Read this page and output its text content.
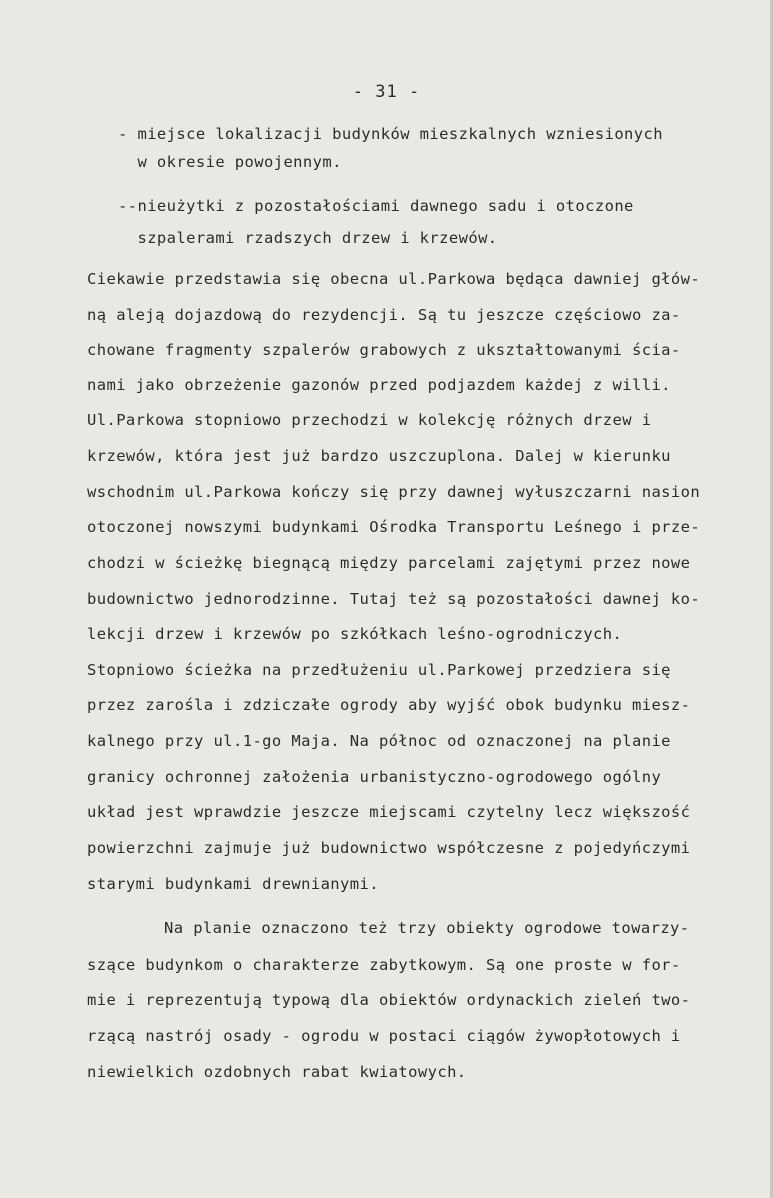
- 31 -
- miejsce lokalizacji budynków mieszkalnych wzniesionych
w okresie powojennym.
--nieużytki z pozostałościami dawnego sadu i otoczone
szpalerami rzadszych drzew i krzewów.
Ciekawie przedstawia się obecna ul.Parkowa będąca dawniej głów-
ną aleją dojazdową do rezydencji. Są tu jeszcze częściowo za-
chowane fragmenty szpalerów grabowych z ukształtowanymi ścia-
nami jako obrzeżenie gazonów przed podjazdem każdej z willi.
Ul.Parkowa stopniowo przechodzi w kolekcję różnych drzew i
krzewów, która jest już bardzo uszczuplona. Dalej w kierunku
wschodnim ul.Parkowa kończy się przy dawnej wyłuszczarni nasion
otoczonej nowszymi budynkami Ośrodka Transportu Leśnego i prze-
chodzi w ścieżkę biegnącą między parcelami zajętymi przez nowe
budownictwo jednorodzinne. Tutaj też są pozostałości dawnej ko-
lekcji drzew i krzewów po szkółkach leśno-ogrodniczych.
Stopniowo ścieżka na przedłużeniu ul.Parkowej przedziera się
przez zarośla i zdziczałe ogrody aby wyjść obok budynku miesz-
kalnego przy ul.1-go Maja. Na północ od oznaczonej na planie
granicy ochronnej założenia urbanistyczno-ogrodowego ogólny
układ jest wprawdzie jeszcze miejscami czytelny lecz większość
powierzchni zajmuje już budownictwo współczesne z pojedyńczymi
starymi budynkami drewnianymi.
Na planie oznaczono też trzy obiekty ogrodowe towarzy-
szące budynkom o charakterze zabytkowym. Są one proste w for-
mie i reprezentują typową dla obiektów ordynackich zieleń two-
rzącą nastrój osady - ogrodu w postaci ciągów żywopłotowych i
niewielkich ozdobnych rabat kwiatowych.
